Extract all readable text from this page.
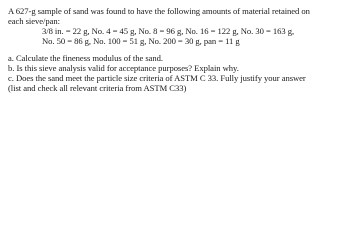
A 627-g sample of sand was found to have the following amounts of material retained on
each sieve/pan:
3/8 in. = 22 g, No. 4 = 45 g, No. 8 = 96 g, No. 16 = 122 g, No. 30 = 163 g,
No. 50 = 86 g, No. 100 = 51 g, No. 200 = 30 g, pan = 11 g
a. Calculate the fineness modulus of the sand.
b. Is this sieve analysis valid for acceptance purposes? Explain why.
c. Does the sand meet the particle size criteria of ASTM C 33. Fully justify your answer
(list and check all relevant criteria from ASTM C33)
